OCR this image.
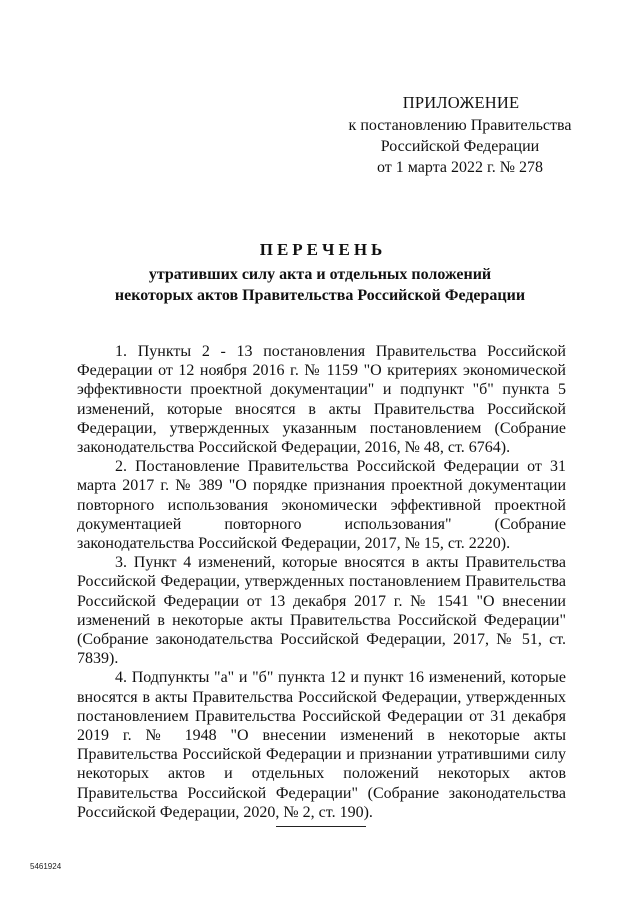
ПРИЛОЖЕНИЕ
к постановлению Правительства
Российской Федерации
от 1 марта 2022 г. № 278
ПЕРЕЧЕНЬ
утративших силу акта и отдельных положений
некоторых актов Правительства Российской Федерации

1. Пункты 2 - 13 постановления Правительства Российской Федерации от 12 ноября 2016 г. № 1159 "О критериях экономической эффективности проектной документации" и подпункт "б" пункта 5 изменений, которые вносятся в акты Правительства Российской Федерации, утвержденных указанным постановлением (Собрание законодательства Российской Федерации, 2016, № 48, ст. 6764).

2. Постановление Правительства Российской Федерации от 31 марта 2017 г. № 389 "О порядке признания проектной документации повторного использования экономически эффективной проектной документацией повторного использования" (Собрание законодательства Российской Федерации, 2017, № 15, ст. 2220).

3. Пункт 4 изменений, которые вносятся в акты Правительства Российской Федерации, утвержденных постановлением Правительства Российской Федерации от 13 декабря 2017 г. № 1541 "О внесении изменений в некоторые акты Правительства Российской Федерации" (Собрание законодательства Российской Федерации, 2017, № 51, ст. 7839).

4. Подпункты "а" и "б" пункта 12 и пункт 16 изменений, которые вносятся в акты Правительства Российской Федерации, утвержденных постановлением Правительства Российской Федерации от 31 декабря 2019 г. № 1948 "О внесении изменений в некоторые акты Правительства Российской Федерации и признании утратившими силу некоторых актов и отдельных положений некоторых актов Правительства Российской Федерации" (Собрание законодательства Российской Федерации, 2020, № 2, ст. 190).

5461924
